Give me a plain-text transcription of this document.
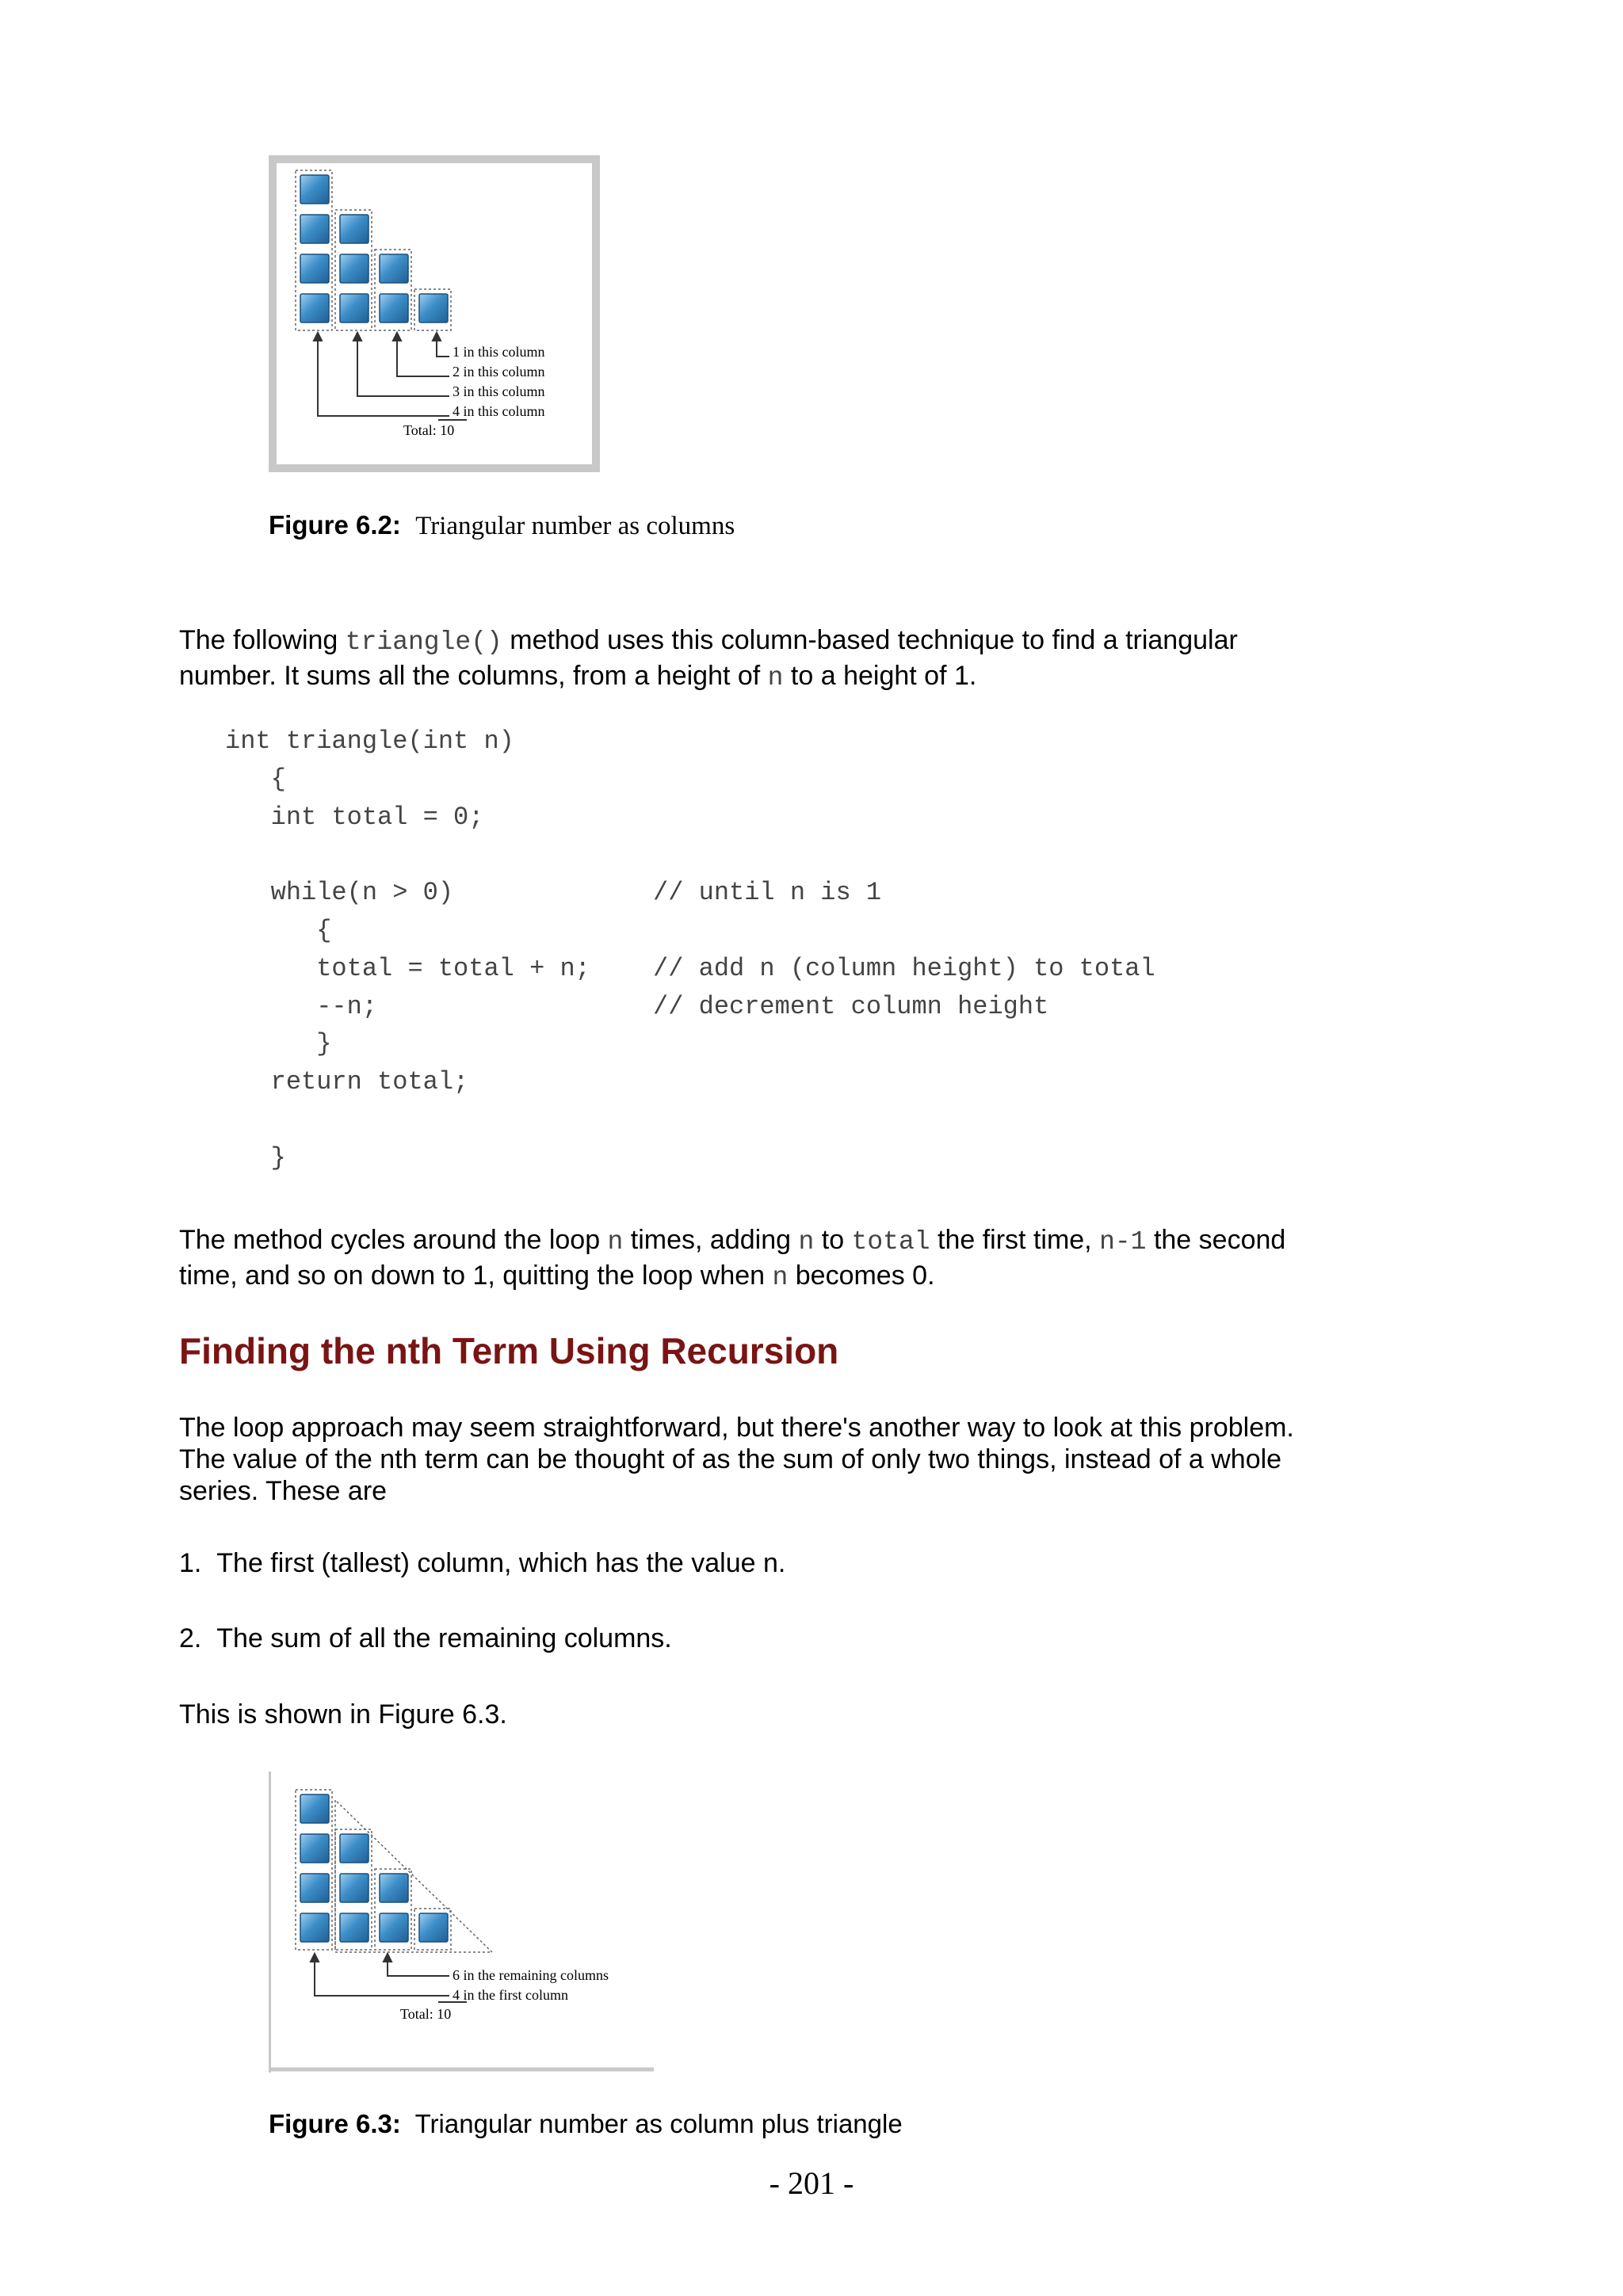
1 in this column
2 in this column
3 in this column
4 in this column
Total: 10
Figure 6.2: Triangular number as columns
The following triangle() method uses this column-based technique to find a triangular number. It sums all the columns, from a height of n to a height of 1.
int triangle(int n)
{
int total = 0;
while(n > 0)	// until n is 1
{
total = total + n; // add n (column height) to total
--n;	// decrement column height
}
return total;
}
The method cycles around the loop n times, adding n to total the first time, n-1 the second time, and so on down to 1, quitting the loop when n becomes 0.
Finding the nth Term Using Recursion
The loop approach may seem straightforward, but there's another way to look at this problem. The value of the nth term can be thought of as the sum of only two things, instead of a whole series. These are
1. The first (tallest) column, which has the value n.
2. The sum of all the remaining columns.
This is shown in Figure 6.3.
6 in the remaining columns
4 in the first column
Total: 10
Figure 6.3: Triangular number as column plus triangle
- 201 -
